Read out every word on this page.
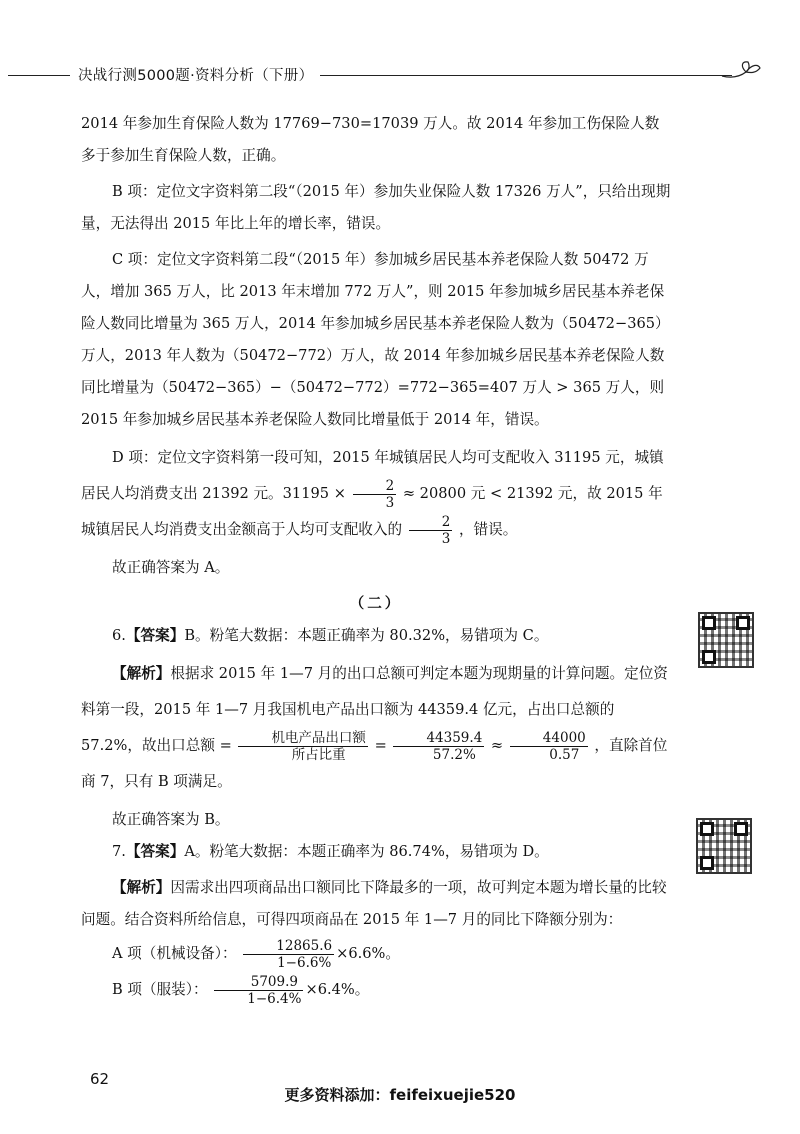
决战行测5000题·资料分析（下册）

2014 年参加生育保险人数为 17769−730=17039 万人。故 2014 年参加工伤保险人数多于参加生育保险人数，正确。

B 项：定位文字资料第二段“（2015 年）参加失业保险人数 17326 万人”，只给出现期量，无法得出 2015 年比上年的增长率，错误。

C 项：定位文字资料第二段“（2015 年）参加城乡居民基本养老保险人数 50472 万人，增加 365 万人，比 2013 年末增加 772 万人”，则 2015 年参加城乡居民基本养老保险人数同比增量为 365 万人，2014 年参加城乡居民基本养老保险人数为（50472−365）万人，2013 年人数为（50472−772）万人，故 2014 年参加城乡居民基本养老保险人数同比增量为（50472−365）−（50472−772）=772−365=407 万人 > 365 万人，则 2015 年参加城乡居民基本养老保险人数同比增量低于 2014 年，错误。

D 项：定位文字资料第一段可知，2015 年城镇居民人均可支配收入 31195 元，城镇居民人均消费支出 21392 元。$31195 \times \frac{2}{3} \approx 20800$ 元 < 21392 元，故 2015 年城镇居民人均消费支出金额高于人均可支配收入的 $\frac{2}{3}$ ，错误。

故正确答案为 A。

（二）

6.【答案】B。粉笔大数据：本题正确率为 80.32%，易错项为 C。

【解析】根据求 2015 年 1—7 月的出口总额可判定本题为现期量的计算问题。定位资料第一段，2015 年 1—7 月我国机电产品出口额为 44359.4 亿元，占出口总额的 57.2%，故出口总额 = $\frac{\text{机电产品出口额}}{\text{所占比重}} = \frac{44359.4}{57.2\%} \approx \frac{44000}{0.57}$ ，直除首位商 7，只有 B 项满足。

故正确答案为 B。

7.【答案】A。粉笔大数据：本题正确率为 86.74%，易错项为 D。

【解析】因需求出四项商品出口额同比下降最多的一项，故可判定本题为增长量的比较问题。结合资料所给信息，可得四项商品在 2015 年 1—7 月的同比下降额分别为：

A 项（机械设备）： $\frac{12865.6}{1-6.6\%} \times 6.6\%$。

B 项（服装）： $\frac{5709.9}{1-6.4\%} \times 6.4\%$。

62
更多资料添加：feifeixuejie520
